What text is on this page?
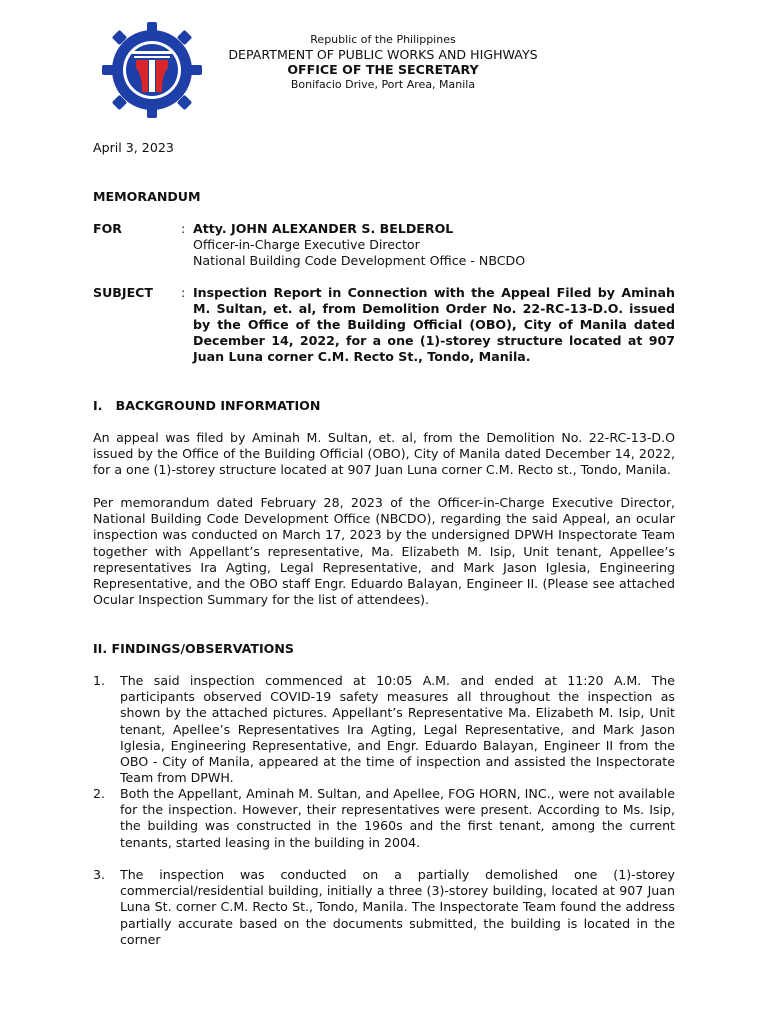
Republic of the Philippines
DEPARTMENT OF PUBLIC WORKS AND HIGHWAYS
OFFICE OF THE SECRETARY
Bonifacio Drive, Port Area, Manila
April 3, 2023
MEMORANDUM
FOR	: Atty. JOHN ALEXANDER S. BELDEROL
Officer-in-Charge Executive Director
National Building Code Development Office - NBCDO
SUBJECT : Inspection Report in Connection with the Appeal Filed by Aminah M. Sultan, et. al, from Demolition Order No. 22-RC-13-D.O. issued by the Office of the Building Official (OBO), City of Manila dated December 14, 2022, for a one (1)-storey structure located at 907 Juan Luna corner C.M. Recto St., Tondo, Manila.
I.   BACKGROUND INFORMATION
An appeal was filed by Aminah M. Sultan, et. al, from the Demolition No. 22-RC-13-D.O issued by the Office of the Building Official (OBO), City of Manila dated December 14, 2022, for a one (1)-storey structure located at 907 Juan Luna corner C.M. Recto st., Tondo, Manila.
Per memorandum dated February 28, 2023 of the Officer-in-Charge Executive Director, National Building Code Development Office (NBCDO), regarding the said Appeal, an ocular inspection was conducted on March 17, 2023 by the undersigned DPWH Inspectorate Team together with Appellant’s representative, Ma. Elizabeth M. Isip, Unit tenant, Appellee’s representatives Ira Agting, Legal Representative, and Mark Jason Iglesia, Engineering Representative, and the OBO staff Engr. Eduardo Balayan, Engineer II. (Please see attached Ocular Inspection Summary for the list of attendees).
II. FINDINGS/OBSERVATIONS
1. The said inspection commenced at 10:05 A.M. and ended at 11:20 A.M. The participants observed COVID-19 safety measures all throughout the inspection as shown by the attached pictures. Appellant’s Representative Ma. Elizabeth M. Isip, Unit tenant, Apellee’s Representatives Ira Agting, Legal Representative, and Mark Jason Iglesia, Engineering Representative, and Engr. Eduardo Balayan, Engineer II from the OBO - City of Manila, appeared at the time of inspection and assisted the Inspectorate Team from DPWH.
2. Both the Appellant, Aminah M. Sultan, and Apellee, FOG HORN, INC., were not available for the inspection. However, their representatives were present. According to Ms. Isip, the building was constructed in the 1960s and the first tenant, among the current tenants, started leasing in the building in 2004.
3. The inspection was conducted on a partially demolished one (1)-storey commercial/residential building, initially a three (3)-storey building, located at 907 Juan Luna St. corner C.M. Recto St., Tondo, Manila. The Inspectorate Team found the address partially accurate based on the documents submitted, the building is located in the corner
